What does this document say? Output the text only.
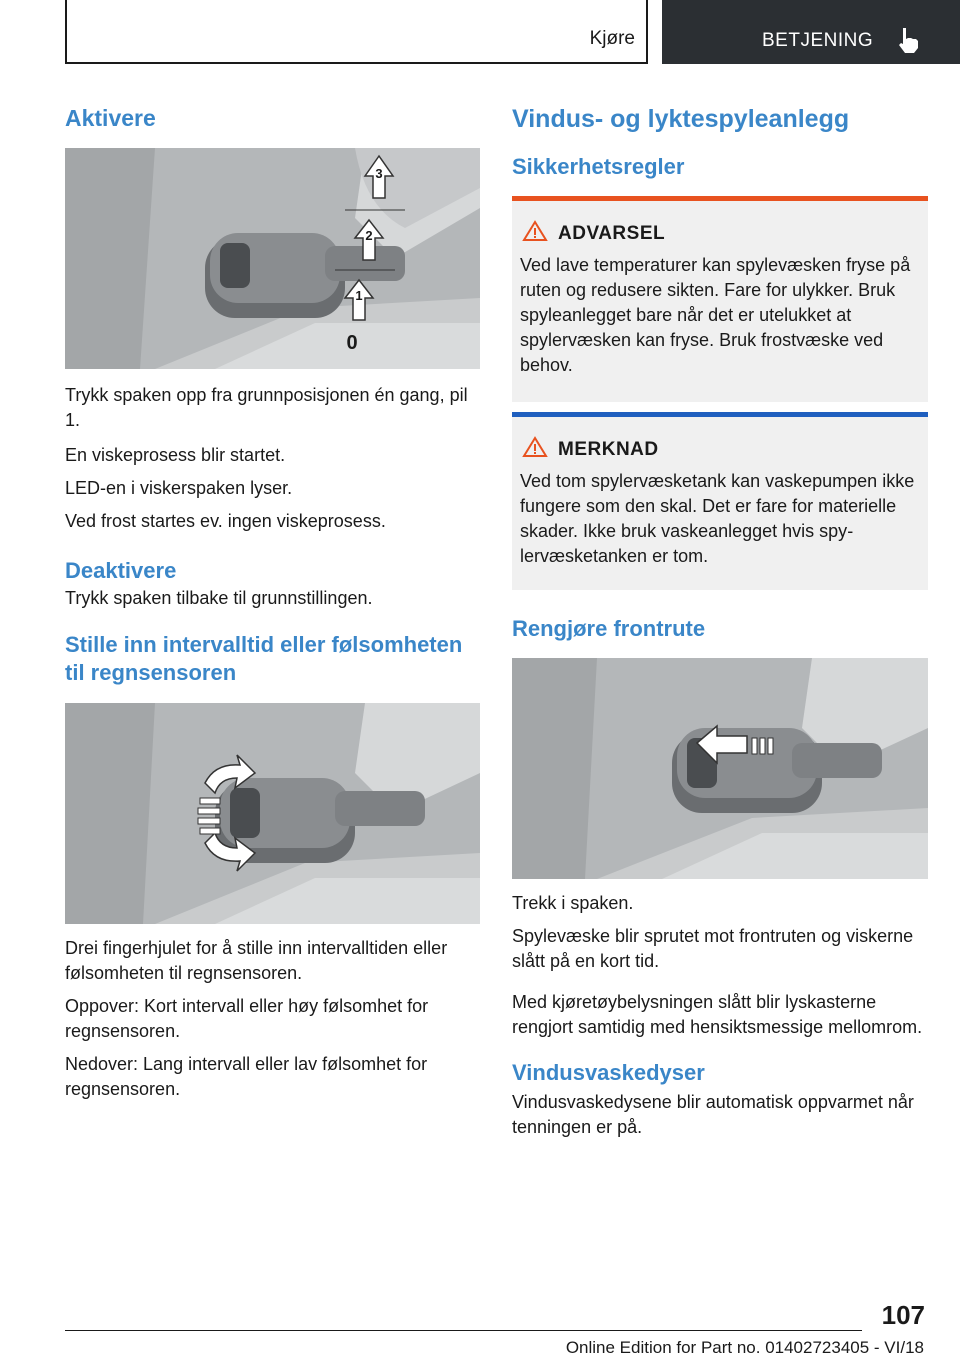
Kjøre	BETJENING
Aktivere
3
2
1
0

Trykk spaken opp fra grunnposisjonen én gang, pil 1.

En viskeprosess blir startet.

LED-en i viskerspaken lyser.

Ved frost startes ev. ingen viskeprosess.

Deaktivere

Trykk spaken tilbake til grunnstillingen.

Stille inn intervalltid eller følsomheten til regnsensoren

Drei fingerhjulet for å stille inn intervalltiden eller følsomheten til regnsensoren.

Oppover: Kort intervall eller høy følsomhet for regnsensoren.

Nedover: Lang intervall eller lav følsomhet for regnsensoren.

Vindus- og lyktespyleanlegg
Sikkerhetsregler
ADVARSEL

Ved lave temperaturer kan spylevæsken fryse på ruten og redusere sikten. Fare for ulykker. Bruk spyleanlegget bare når det er utelukket at spylervæsken kan fryse. Bruk frostvæske ved behov.

MERKNAD

Ved tom spylervæsketank kan vaskepumpen ikke fungere som den skal. Det er fare for materielle skader. Ikke bruk vaskeanlegget hvis spylervæsketanken er tom.

Rengjøre frontrute

Trekk i spaken.

Spylevæske blir sprutet mot frontruten og viskerne slått på en kort tid.

Med kjøretøybelysningen slått blir lyskasterne rengjort samtidig med hensiktsmessige mellomrom.

Vindusvaskedyser

Vindusvaskedysene blir automatisk oppvarmet når tenningen er på.

107
Online Edition for Part no. 01402723405 - VI/18
